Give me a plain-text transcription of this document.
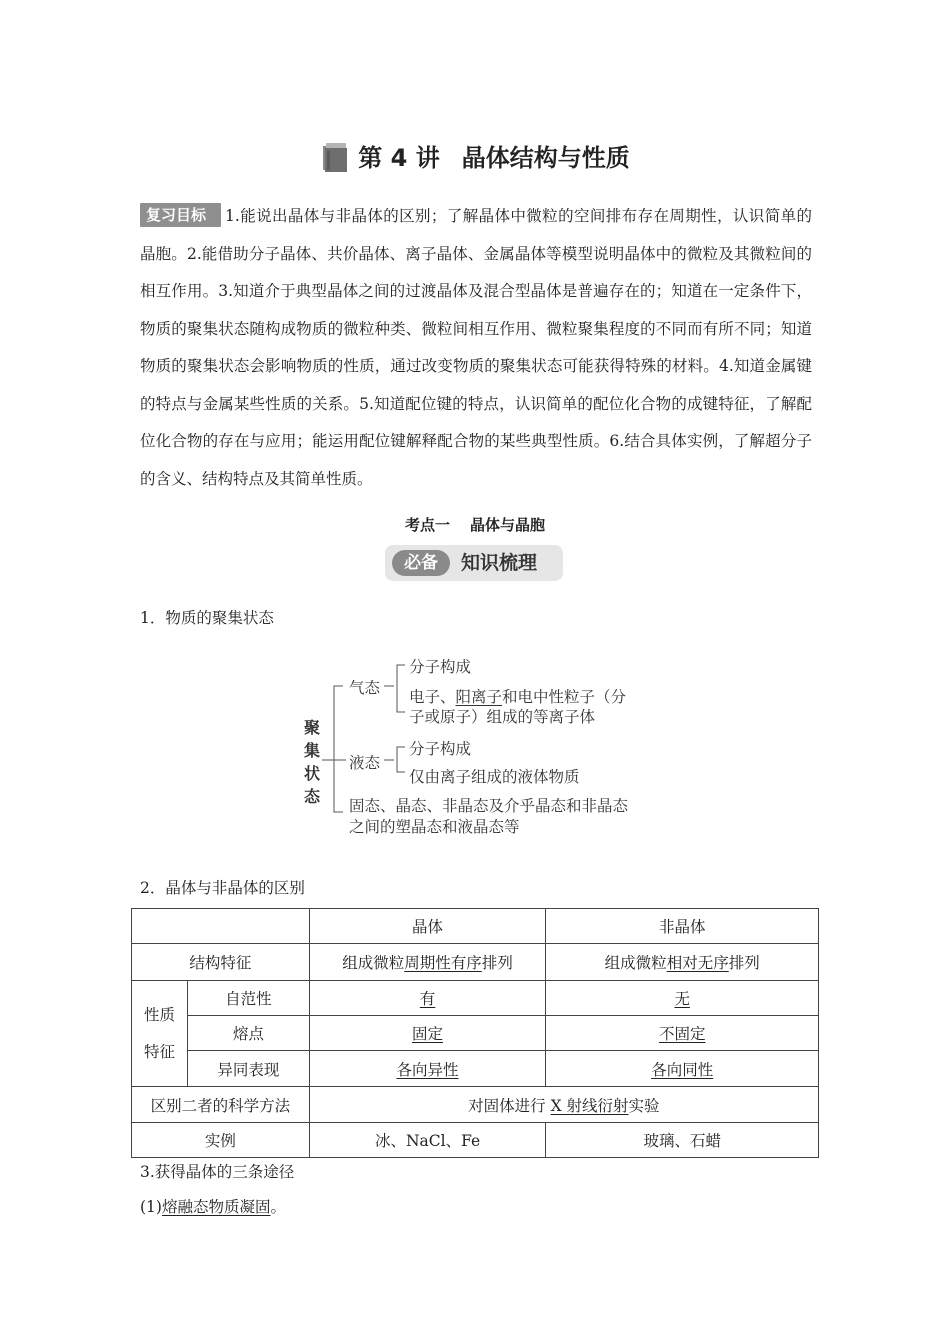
第 4 讲 晶体结构与性质
复习目标 1.能说出晶体与非晶体的区别；了解晶体中微粒的空间排布存在周期性，认识简单的晶胞。2.能借助分子晶体、共价晶体、离子晶体、金属晶体等模型说明晶体中的微粒及其微粒间的相互作用。3.知道介于典型晶体之间的过渡晶体及混合型晶体是普遍存在的；知道在一定条件下，物质的聚集状态随构成物质的微粒种类、微粒间相互作用、微粒聚集程度的不同而有所不同；知道物质的聚集状态会影响物质的性质，通过改变物质的聚集状态可能获得特殊的材料。4.知道金属键的特点与金属某些性质的关系。5.知道配位键的特点，认识简单的配位化合物的成键特征，了解配位化合物的存在与应用；能运用配位键解释配合物的某些典型性质。6.结合具体实例，了解超分子的含义、结构特点及其简单性质。
考点一 晶体与晶胞
必备	知识梳理
1．物质的聚集状态
聚
集
状
态
气态
分子构成
电子、阳离子和电中性粒子（分
子或原子）组成的等离子体
液态
分子构成
仅由离子组成的液体物质
固态、晶态、非晶态及介乎晶态和非晶态
之间的塑晶态和液晶态等
2．晶体与非晶体的区别
		晶体	非晶体
结构特征		组成微粒周期性有序排列	组成微粒相对无序排列

性质
特征	自范性	有	无
	熔点	固定	不固定
	异同表现	各向异性	各向同性
区别二者的科学方法		对固体进行 X 射线衍射实验	
实例		冰、NaCl、Fe	玻璃、石蜡
3.获得晶体的三条途径
(1)熔融态物质凝固。
